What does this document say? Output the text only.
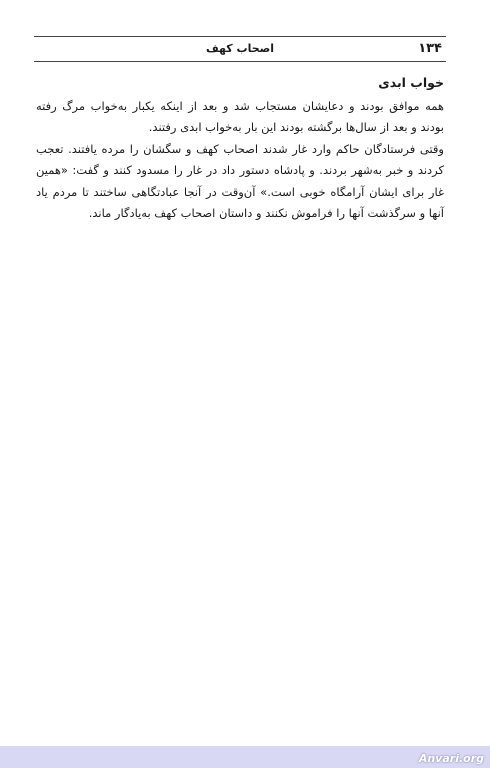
۱۳۴
اصحاب کهف
خواب ابدی

همه موافق بودند و دعایشان مستجاب شد و بعد از اینکه یکبار به‌خواب مرگ رفته بودند و بعد از سال‌ها برگشته بودند این بار به‌خواب ابدی رفتند.

وقتی فرستادگان حاکم وارد غار شدند اصحاب کهف و سگشان را مرده یافتند. تعجب کردند و خبر به‌شهر بردند. و پادشاه دستور داد در غار را مسدود کنند و گفت: «همین غار برای ایشان آرامگاه خوبی است.» آن‌وقت در آنجا عبادتگاهی ساختند تا مردم یاد آنها و سرگذشت آنها را فراموش نکنند و داستان اصحاب کهف به‌یادگار ماند.

Anvari.org
